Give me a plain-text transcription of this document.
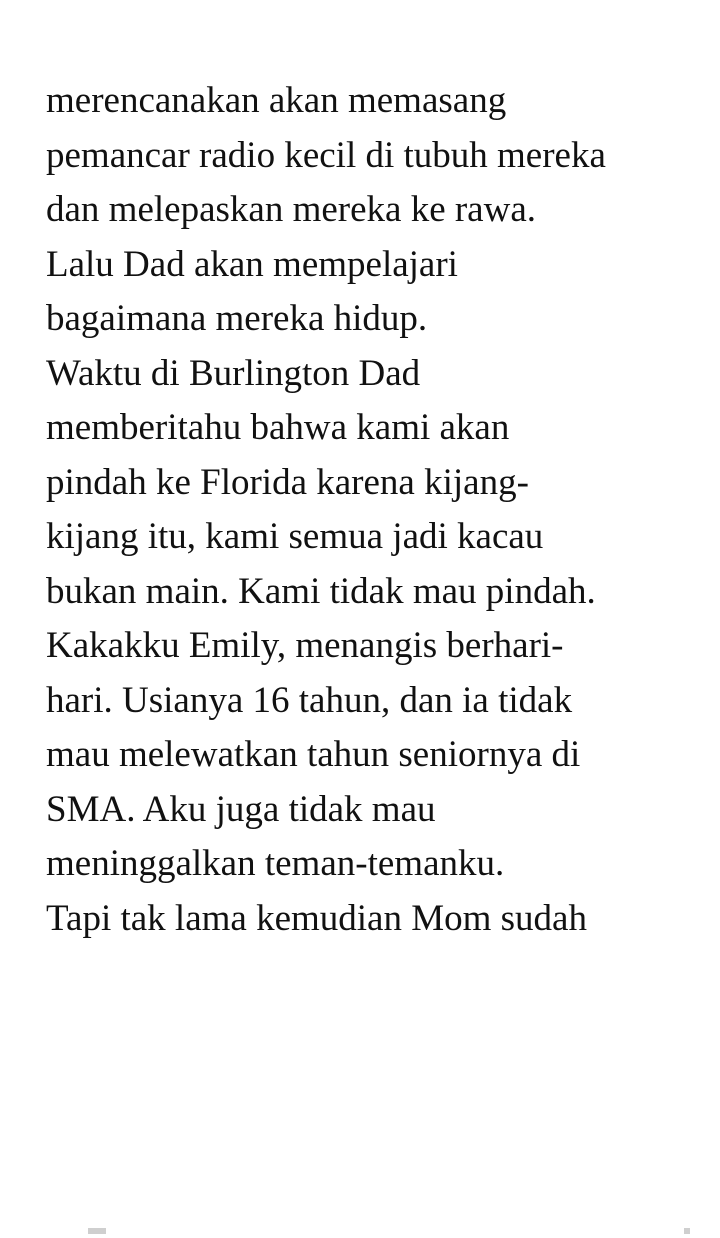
merencanakan akan memasang
pemancar radio kecil di tubuh mereka
dan melepaskan mereka ke rawa.
Lalu Dad akan mempelajari
bagaimana mereka hidup.
Waktu di Burlington Dad
memberitahu bahwa kami akan
pindah ke Florida karena kijang-
kijang itu, kami semua jadi kacau
bukan main. Kami tidak mau pindah.
Kakakku Emily, menangis berhari-
hari. Usianya 16 tahun, dan ia tidak
mau melewatkan tahun seniornya di
SMA. Aku juga tidak mau
meninggalkan teman-temanku.
Tapi tak lama kemudian Mom sudah
